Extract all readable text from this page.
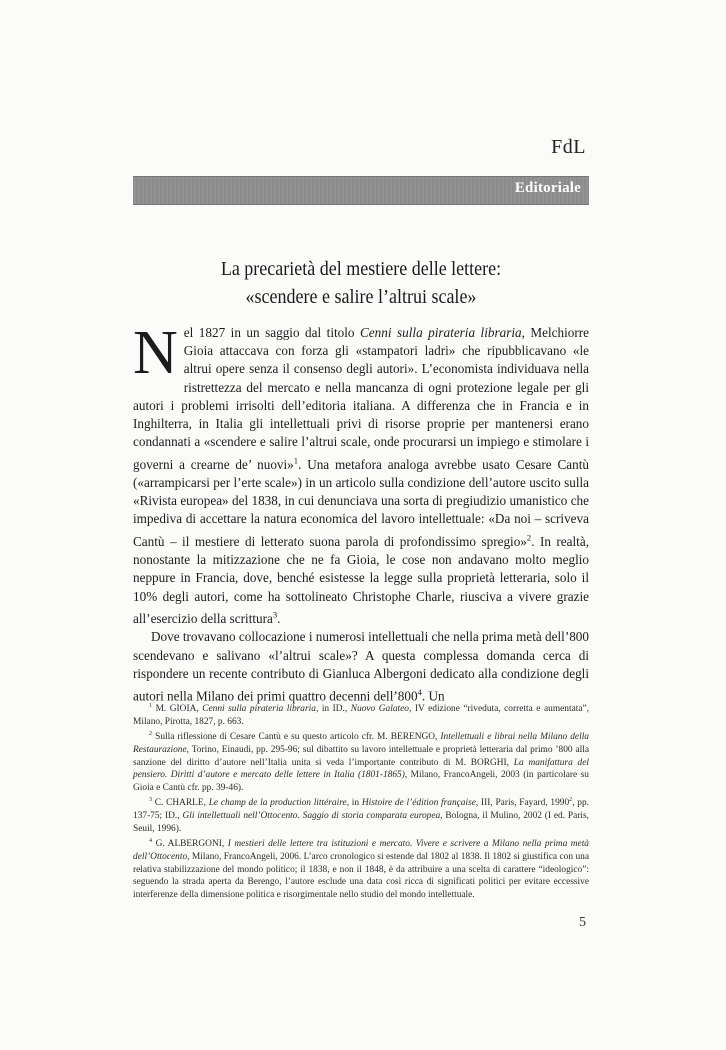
FdL
Editoriale
La precarietà del mestiere delle lettere:
«scendere e salire l’altrui scale»

Nel 1827 in un saggio dal titolo Cenni sulla pirateria libraria, Melchiorre Gioia attaccava con forza gli «stampatori ladri» che ripubblicavano «le altrui opere senza il consenso degli autori». L’economista individuava nella ristrettezza del mercato e nella mancanza di ogni protezione legale per gli autori i problemi irrisolti dell’editoria italiana. A differenza che in Francia e in Inghilterra, in Italia gli intellettuali privi di risorse proprie per mantenersi erano condannati a «scendere e salire l’altrui scale, onde procurarsi un impiego e stimolare i governi a crearne de’ nuovi»$^1$. Una metafora analoga avrebbe usato Cesare Cantù («arrampicarsi per l’erte scale») in un articolo sulla condizione dell’autore uscito sulla «Rivista europea» del 1838, in cui denunciava una sorta di pregiudizio umanistico che impediva di accettare la natura economica del lavoro intellettuale: «Da noi – scriveva Cantù – il mestiere di letterato suona parola di profondissimo spregio»$^2$. In realtà, nonostante la mitizzazione che ne fa Gioia, le cose non andavano molto meglio neppure in Francia, dove, benché esistesse la legge sulla proprietà letteraria, solo il 10% degli autori, come ha sottolineato Christophe Charle, riusciva a vivere grazie all’esercizio della scrittura$^3$.

Dove trovavano collocazione i numerosi intellettuali che nella prima metà dell’800 scendevano e salivano «l’altrui scale»? A questa complessa domanda cerca di rispondere un recente contributo di Gianluca Albergoni dedicato alla condizione degli autori nella Milano dei primi quattro decenni $dell’800^4$. Un

$^1$ M. GIOIA, Cenni sulla pirateria libraria, in ID., Nuovo Galateo, IV edizione “riveduta, corretta e aumentata”, Milano, Pirotta, 1827, p. 663.

$^2$ Sulla riflessione di Cesare Cantù e su questo articolo cfr. M. BERENGO, Intellettuali e librai nella Milano della Restaurazione, Torino, Einaudi, pp. 295-96; sul dibattito su lavoro intellettuale e proprietà letteraria dal primo ’800 alla sanzione del diritto d’autore nell’Italia unita si veda l’importante contributo di M. BORGHI, La manifattura del pensiero. Diritti d’autore e mercato delle lettere in Italia (1801-1865), Milano, FrancoAngeli, 2003 (in particolare su Gioia e Cantù cfr. pp. 39-46).

$^3$ C. CHARLE, Le champ de la production littéraire, in Histoire de l’édition française, III, Paris, Fayard, 1990$^2$, pp. 137-75; ID., Gli intellettuali nell’Ottocento. Saggio di storia comparata europea, Bologna, il Mulino, 2002 (I ed. Paris, Seuil, 1996).

$^4$ G. ALBERGONI, I mestieri delle lettere tra istituzioni e mercato. Vivere e scrivere a Milano nella prima metà dell’Ottocento, Milano, FrancoAngeli, 2006. L’arco cronologico si estende dal 1802 al 1838. Il 1802 si giustifica con una relativa stabilizzazione del mondo politico; il 1838, e non il 1848, è da attribuire a una scelta di carattere “ideologico”: seguendo la strada aperta da Berengo, l’autore esclude una data così ricca di significati politici per evitare eccessive interferenze della dimensione politica e risorgimentale nello studio del mondo intellettuale.

5
